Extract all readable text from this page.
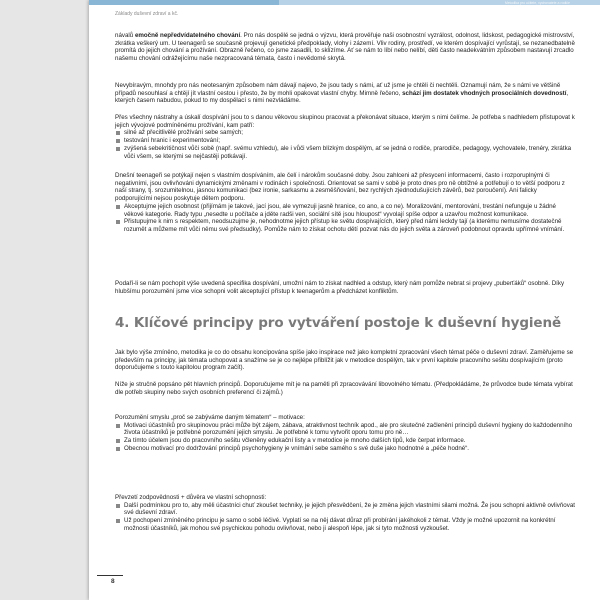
Základy duševní zdraví a kč.
Metodika pro učitele, vychovatele a rodiče

návalů emočně nepředvídatelného chování. Pro nás dospělé se jedná o výzvu, která prověřuje naši osobnostní vyzrálost, odolnost, lidskost, pedagogické mistrovství, zkrátka veškerý um. U teenagerů se současně projevují genetické předpoklady, vlohy i zázemí. Vliv rodiny, prostředí, ve kterém dospívající vyrůstají, se nezanedbatelně promítá do jejich chování a prožívání. Obrazně řečeno, co jsme zasadili, to sklízíme. Ať se nám to líbí nebo nelíbí, děti často neadekvátním způsobem nastavují zrcadlo našemu chování odrážejícímu naše nezpracovaná témata, často i nevědomé skrytá.

Nevybíravým, mnohdy pro nás neotesaným způsobem nám dávají najevo, že jsou tady s námi, ať už jsme je chtěli či nechtěli. Oznamují nám, že s námi ve většině případů nesouhlasí a chtějí jít vlastní cestou i přesto, že by mohli opakovat vlastní chyby. Mimně řečeno, schází jim dostatek vhodných prosociálních dovedností, kterých časem nabudou, pokud to my dospělací s nimi nezvládáme.

Přes všechny nástrahy a úskalí dospívání jsou to s danou věkovou skupinou pracovat a překonávat situace, kterým s nimi čelíme. Je potřeba s nadhledem přistupovat k jejich vývojové podmíněnému prožívání, kam patří:

silné až přecitlivělé prožívání sebe samých;
testování hranic i experimentování;
zvýšená sebekritičnost vůči sobě (např. svému vzhledu), ale i vůči všem blízkým dospělým, ať se jedná o rodiče, prarodiče, pedagogy, vychovatele, trenéry, zkrátka vůči všem, se kterými se nejčastěji potkávají.

Dnešní teenageři se potýkají nejen s vlastním dospíváním, ale čelí i nárokům současné doby. Jsou zahlceni až přesycení informacemi, často i rozporuplnými či negativními, jsou ovlivňováni dynamickými změnami v rodinách i společnosti. Orientovat se sami v sobě je proto dnes pro ně obtížné a potřebují o to větší podporu z naší strany, tj. srozumitelnou, jasnou komunikaci (bez ironie, sarkasmu a zesměšňování, bez rychlých zjednodušujících závěrů, bez poroučení). Ani falicky podporujícími nejsou poskytuje dětem podporu.

Akceptujme jejich osobnost (přijímám je takové, jací jsou, ale vymezuji jasně hranice, co ano, a co ne). Moralizování, mentorování, trestání nefunguje u žádné věkové kategorie. Rady typu „nesedte u počítače a jděte radši ven, sociální sítě jsou hloupost“ vyvolají spíše odpor a uzavřou možnost komunikace.
Přistupujme k nim s respektem, neodsuzujme je, nehodnotme jejich přístup ke světu dospívajících, který před námi leckdy tají (a kterému nemusíme dostatečně rozumět a můžeme mít vůči němu své předsudky). Pomůže nám to získat ochotu dětí pozvat nás do jejich světa a zároveň podobnout opravdu upřímné vnímání.

Podaří-li se nám pochopit výše uvedená specifika dospívání, umožní nám to získat nadhled a odstup, který nám pomůže nebrat si projevy „puberťáků“ osobně. Díky hlubšímu porozumění jsme více schopni volit akceptující přístup k teenagerům a předcházet konfliktům.

4. Klíčové principy pro vytváření postoje k duševní hygieně

Jak bylo výše zmíněno, metodika je co do obsahu koncipována spíše jako inspirace než jako kompletní zpracování všech témat péče o duševní zdraví. Zaměřujeme se především na principy, jak témata uchopovat a snažíme se je co nejlépe přiblížit jak v metodice dospělým, tak v první kapitole pracovního sešitu dospívajícím (proto doporučujeme s touto kapitolou program začít).

Níže je stručně popsáno pět hlavních principů. Doporučujeme mít je na paměti při zpracovávání libovolného tématu. (Předpokládáme, že průvodce bude témata vybírat dle potřeb skupiny nebo svých osobních preferencí či zájmů.)

Porozumění smyslu „proč se zabýváme daným tématem“ – motivace:

Motivaci účastníků pro skupinovou práci může být zájem, zábava, atraktivnost techník apod., ale pro skutečné začlenění principů duševní hygieny do každodenního života účastníků je potřebné porozumění jejich smyslu. Je potřebné k tomu vytvořit oporu tomu pro ně…
Za tímto účelem jsou do pracovního sešitu včleněny edukační listy a v metodice je mnoho dalších tipů, kde čerpat informace.
Obecnou motivací pro dodržování principů psychohygieny je vnímání sebe samého s své duše jako hodnotné a „péče hodné“.

Převzetí zodpovědnosti + důvěra ve vlastní schopnosti:

Další podmínkou pro to, aby měli účastníci chuť zkoušet techniky, je jejich přesvědčení, že je změna jejich vlastními silami možná. Že jsou schopni aktivně ovlivňovat své duševní zdraví.
Už pochopení zmíněného principu je samo o sobě léčivé. Vyplatí se na něj dávat důraz při probírání jakéhokoli z témat. Vždy je možné upozornit na konkrétní možnosti účastníků, jak mohou své psychickou pohodu ovlivňovat, nebo ji alespoň lépe, jak si tyto možnosti vyzkoušet.
8
